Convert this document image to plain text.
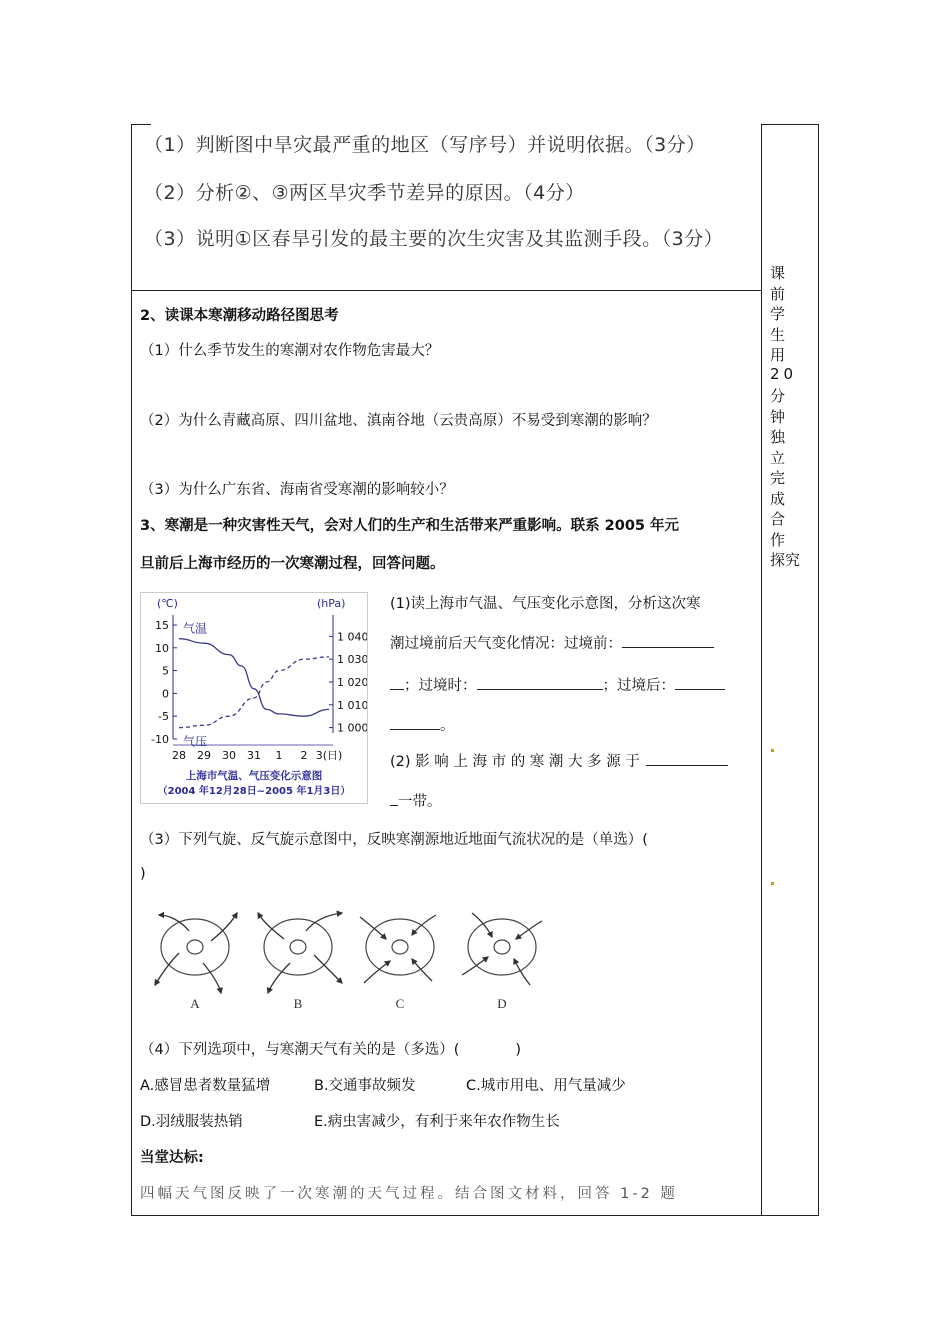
（1）判断图中旱灾最严重的地区（写序号）并说明依据。（3分）
（2）分析②、③两区旱灾季节差异的原因。（4分）
（3）说明①区春旱引发的最主要的次生灾害及其监测手段。（3分）
课前
学生
用 20
分钟
独立
完成
合作
探究
2、读课本寒潮移动路径图思考
（1）什么季节发生的寒潮对农作物危害最大？
（2）为什么青藏高原、四川盆地、滇南谷地（云贵高原）不易受到寒潮的影响？
（3）为什么广东省、海南省受寒潮的影响较小？
3、寒潮是一种灾害性天气，会对人们的生产和生活带来严重影响。联系 2005 年元
旦前后上海市经历的一次寒潮过程，回答问题。
(℃)	(hPa)
15
10
5
0
-5
-10
1 040
1 030
1 020
1 010
1 000
28 29 30 31 1 2 3(日)
气温
气压
上海市气温、气压变化示意图
（2004 年12月28日~2005 年1月3日）
(1)读上海市气温、气压变化示意图，分析这次寒
潮过境前后天气变化情况：过境前：
；过境时：	；过境后：
。
(2) 影 响 上 海 市 的 寒 潮 大 多 源 于
一带。
（3）下列气旋、反气旋示意图中，反映寒潮源地近地面气流状况的是（单选）(
)
A	B	C	D
（4）下列选项中，与寒潮天气有关的是（多选）(	)
A.感冒患者数量猛增	B.交通事故频发	C.城市用电、用气量减少
D.羽绒服装热销	E.病虫害减少，有利于来年农作物生长
当堂达标:
四幅天气图反映了一次寒潮的天气过程。结合图文材料，回答 1-2 题
